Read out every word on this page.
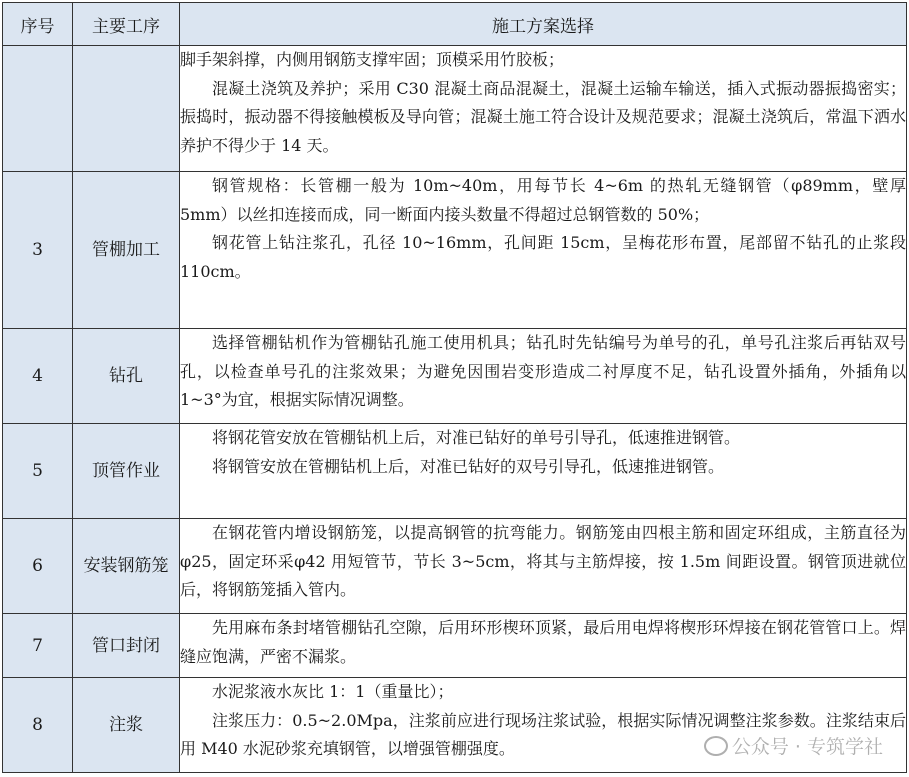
序号	主要工序	施工方案选择

		脚手架斜撑，内侧用钢筋支撑牢固；顶模采用竹胶板；

混凝土浇筑及养护；采用 C30 混凝土商品混凝土，混凝土运输车输送，插入式振动器振捣密实；振捣时，振动器不得接触模板及导向管；混凝土施工符合设计及规范要求；混凝土浇筑后，常温下洒水养护不得少于 14 天。

3	管棚加工	钢管规格：长管棚一般为 10m~40m，用每节长 4~6m 的热轧无缝钢管（φ89mm，壁厚 5mm）以丝扣连接而成，同一断面内接头数量不得超过总钢管数的 50%；

钢花管上钻注浆孔，孔径 10~16mm，孔间距 15cm，呈梅花形布置，尾部留不钻孔的止浆段 110cm。

4	钻孔	选择管棚钻机作为管棚钻孔施工使用机具；钻孔时先钻编号为单号的孔，单号孔注浆后再钻双号孔，以检查单号孔的注浆效果；为避免因围岩变形造成二衬厚度不足，钻孔设置外插角，外插角以 1~3°为宜，根据实际情况调整。

5	顶管作业	将钢花管安放在管棚钻机上后，对准已钻好的单号引导孔，低速推进钢管。

将钢管安放在管棚钻机上后，对准已钻好的双号引导孔，低速推进钢管。

6	安装钢筋笼	在钢花管内增设钢筋笼，以提高钢管的抗弯能力。钢筋笼由四根主筋和固定环组成，主筋直径为φ25，固定环采φ42 用短管节，节长 3~5cm，将其与主筋焊接，按 1.5m 间距设置。钢管顶进就位后，将钢筋笼插入管内。

7	管口封闭	先用麻布条封堵管棚钻孔空隙，后用环形楔环顶紧，最后用电焊将楔形环焊接在钢花管管口上。焊缝应饱满，严密不漏浆。

8	注浆	水泥浆液水灰比 1：1（重量比）；

注浆压力：0.5~2.0Mpa，注浆前应进行现场注浆试验，根据实际情况调整注浆参数。注浆结束后用 M40 水泥砂浆充填钢管，以增强管棚强度。	公众号 · 专筑学社
